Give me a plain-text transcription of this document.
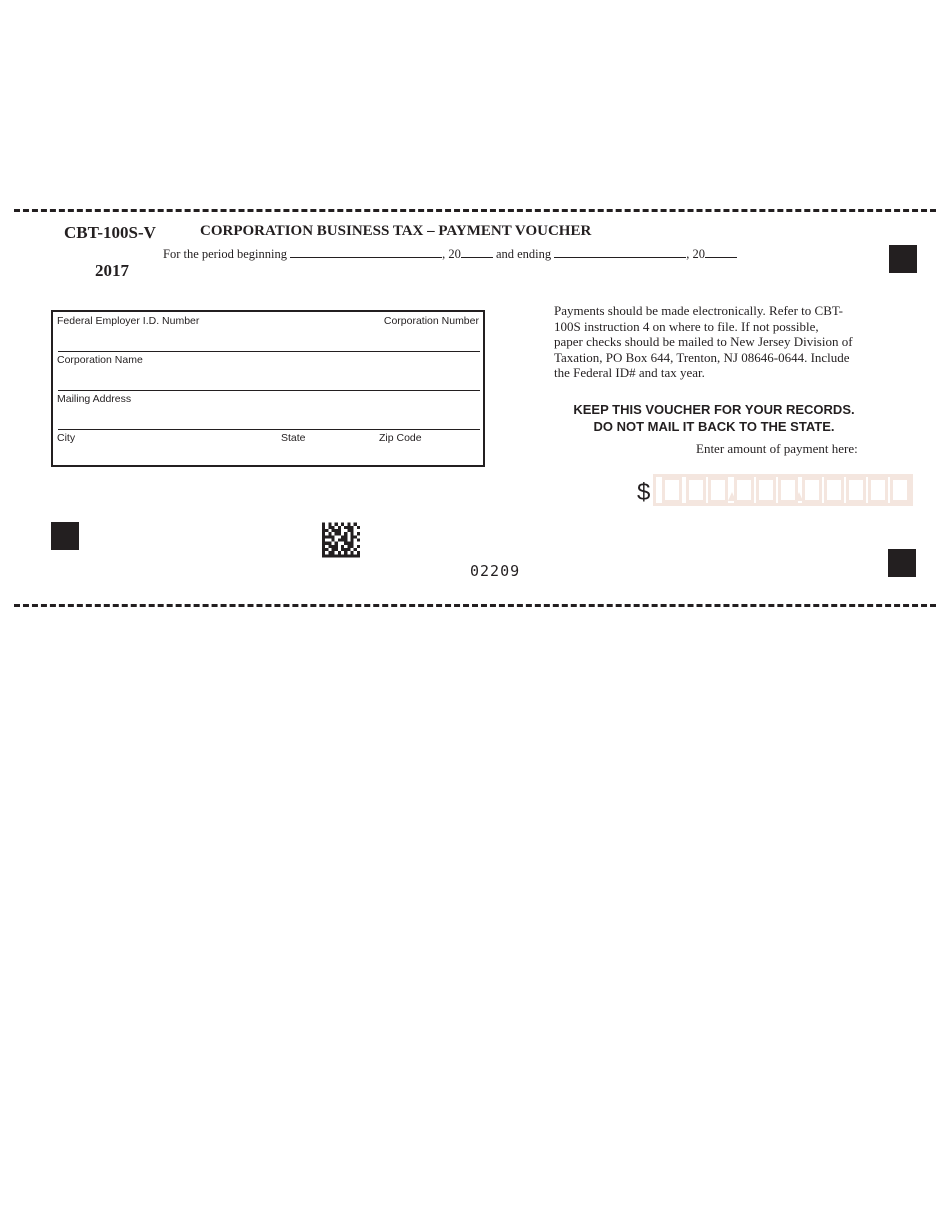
CBT-100S-V	CORPORATION BUSINESS TAX – PAYMENT VOUCHER
For the period beginning	, 20	and ending	, 20
2017
Federal Employer I.D. Number	Corporation Number
Corporation Name
Mailing Address
City	State	Zip Code
Payments should be made electronically. Refer to CBT-
100S instruction 4 on where to file. If not possible,
paper checks should be mailed to New Jersey Division of
Taxation, PO Box 644, Trenton, NJ 08646-0644. Include
the Federal ID# and tax year.
KEEP THIS VOUCHER FOR YOUR RECORDS.
DO NOT MAIL IT BACK TO THE STATE.
Enter amount of payment here:
$
02209
